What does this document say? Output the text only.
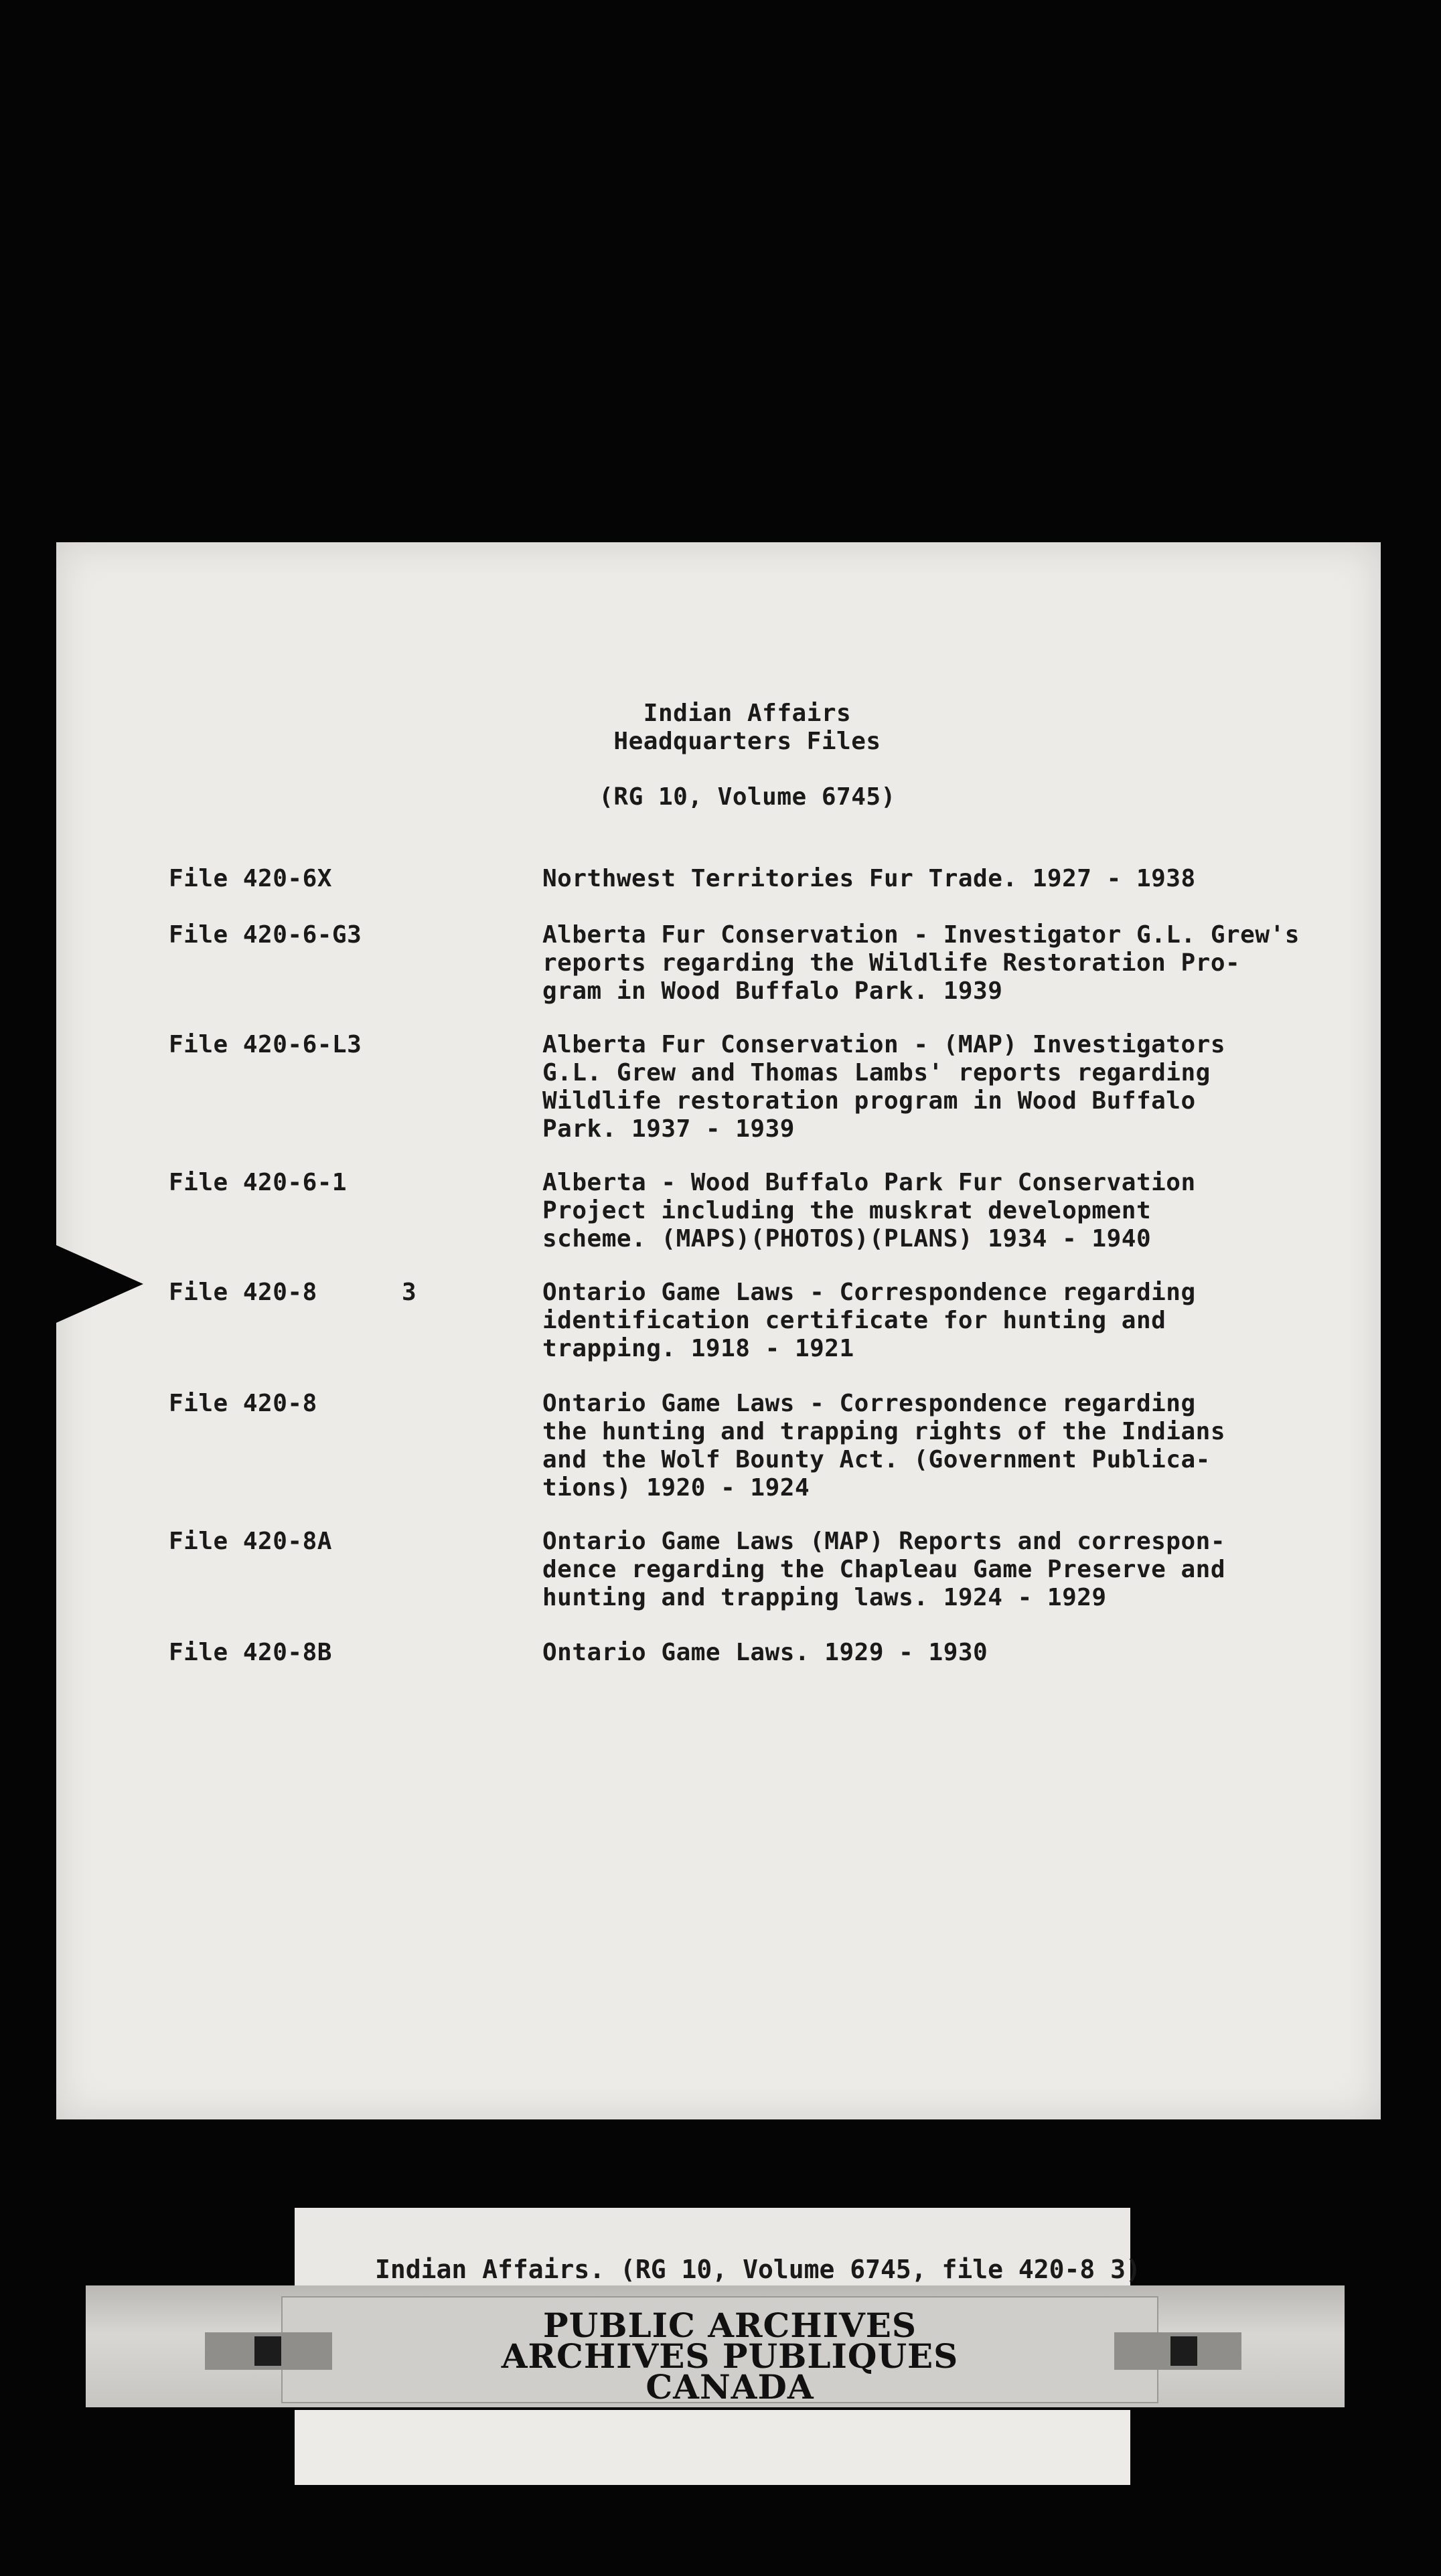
Indian Affairs
Headquarters Files
(RG 10, Volume 6745)
File 420-6X	Northwest Territories Fur Trade. 1927 - 1938
File 420-6-G3	Alberta Fur Conservation - Investigator G.L. Grew's
reports regarding the Wildlife Restoration Pro-
gram in Wood Buffalo Park. 1939
File 420-6-L3	Alberta Fur Conservation - (MAP) Investigators
G.L. Grew and Thomas Lambs' reports regarding
Wildlife restoration program in Wood Buffalo
Park. 1937 - 1939
File 420-6-1	Alberta - Wood Buffalo Park Fur Conservation
Project including the muskrat development
scheme. (MAPS)(PHOTOS)(PLANS) 1934 - 1940
File 420-8	3	Ontario Game Laws - Correspondence regarding
identification certificate for hunting and
trapping. 1918 - 1921
File 420-8	Ontario Game Laws - Correspondence regarding
the hunting and trapping rights of the Indians
and the Wolf Bounty Act. (Government Publica-
tions) 1920 - 1924
File 420-8A	Ontario Game Laws (MAP) Reports and correspon-
dence regarding the Chapleau Game Preserve and
hunting and trapping laws. 1924 - 1929
File 420-8B	Ontario Game Laws. 1929 - 1930
Indian Affairs. (RG 10, Volume 6745, file 420-8 3)
PUBLIC ARCHIVES
ARCHIVES PUBLIQUES
CANADA
